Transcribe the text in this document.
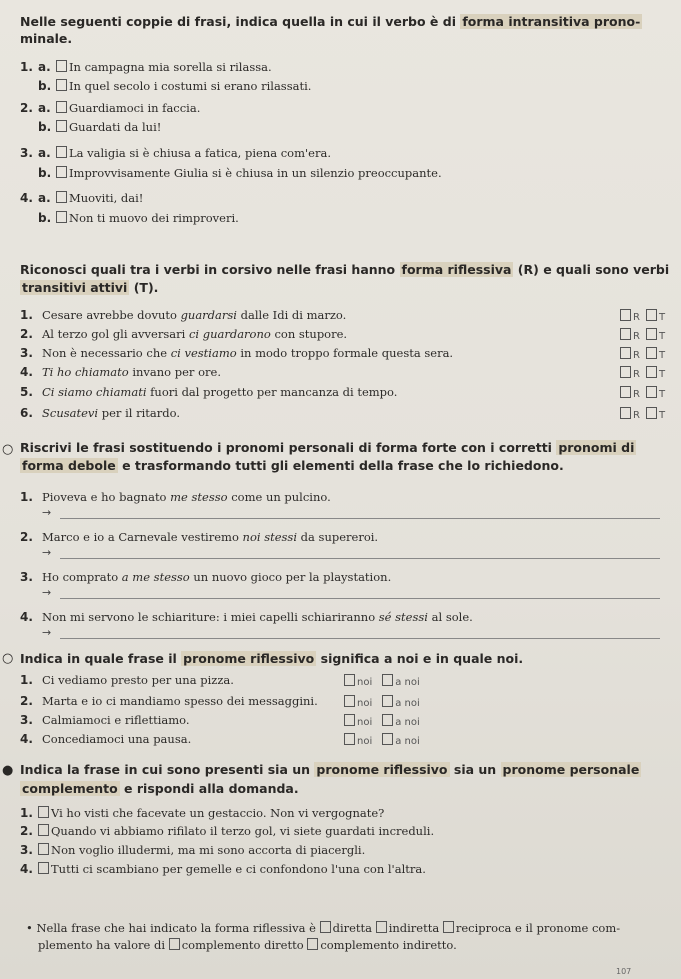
Nelle seguenti coppie di frasi, indica quella in cui il verbo è di forma intransitiva prono-
minale.
Riconosci quali tra i verbi in corsivo nelle frasi hanno forma riflessiva (R) e quali sono verbi
transitivi attivi (T).
○ Riscrivi le frasi sostituendo i pronomi personali di forma forte con i corretti pronomi di
forma debole e trasformando tutti gli elementi della frase che lo richiedono.
○ Indica in quale frase il pronome riflessivo significa a noi e in quale noi.
● Indica la frase in cui sono presenti sia un pronome riflessivo sia un pronome personale
complemento e rispondi alla domanda.
• Nella frase che hai indicato la forma riflessiva è diretta indiretta reciproca e il pronome com-
plemento ha valore di complemento diretto complemento indiretto.
107
1. a. In campagna mia sorella si rilassa.
b. In quel secolo i costumi si erano rilassati.
2. a. Guardiamoci in faccia.
b. Guardati da lui!
3. a. La valigia si è chiusa a fatica, piena com'era.
b. Improvvisamente Giulia si è chiusa in un silenzio preoccupante.
4. a. Muoviti, dai!
b. Non ti muovo dei rimproveri.
1. Cesare avrebbe dovuto guardarsi dalle Idi di marzo.	R T
2. Al terzo gol gli avversari ci guardarono con stupore.	R T
3. Non è necessario che ci vestiamo in modo troppo formale questa sera.	R T
4. Ti ho chiamato invano per ore.	R T
5. Ci siamo chiamati fuori dal progetto per mancanza di tempo.	R T
6. Scusatevi per il ritardo.	R T
1. Pioveva e ho bagnato me stesso come un pulcino.
→
2. Marco e io a Carnevale vestiremo noi stessi da supereroi.
→
3. Ho comprato a me stesso un nuovo gioco per la playstation.
→
4. Non mi servono le schiariture: i miei capelli schiariranno sé stessi al sole.
→
1. Ci vediamo presto per una pizza.	noi a noi
2. Marta e io ci mandiamo spesso dei messaggini.	noi a noi
3. Calmiamoci e riflettiamo.	noi a noi
4. Concediamoci una pausa.	noi a noi
1. Vi ho visti che facevate un gestaccio. Non vi vergognate?
2. Quando vi abbiamo rifilato il terzo gol, vi siete guardati increduli.
3. Non voglio illudermi, ma mi sono accorta di piacergli.
4. Tutti ci scambiano per gemelle e ci confondono l'una con l'altra.
